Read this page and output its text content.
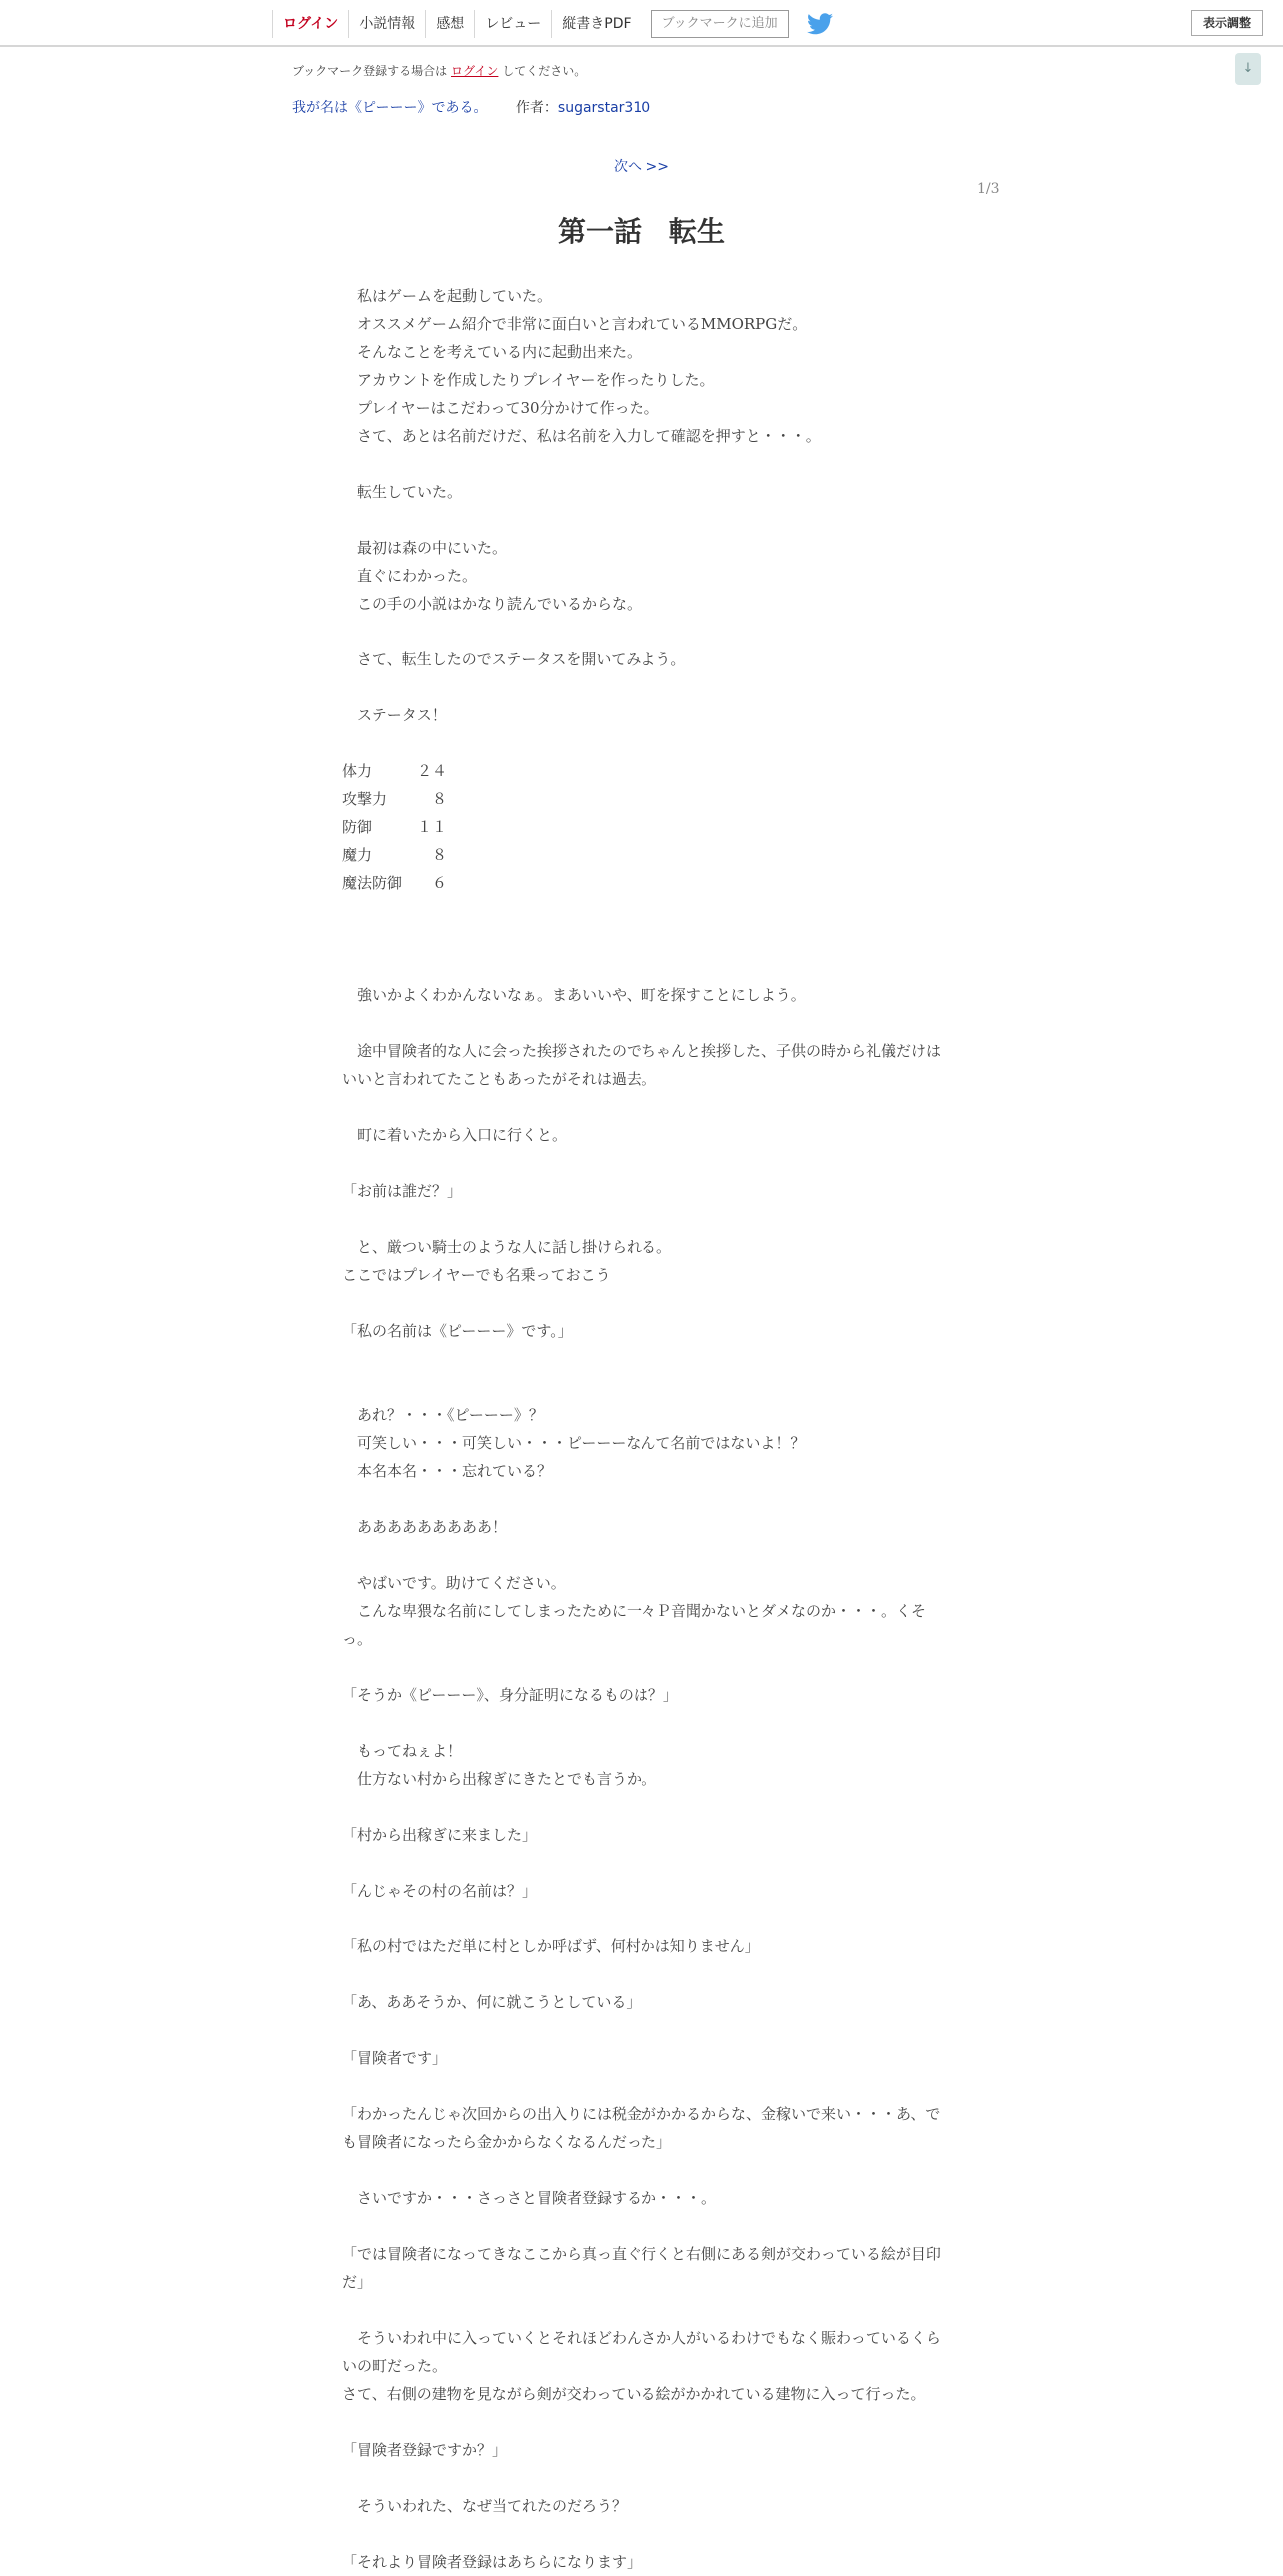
ログイン	小説情報	感想	レビュー	縦書きPDF	ブックマークに追加	表示調整
↓
ブックマーク登録する場合は ログイン してください。
我が名は《ピーーー》である。 作者：sugarstar310
次へ >>
1/3
第一話　転生
　私はゲームを起動していた。
　オススメゲーム紹介で非常に面白いと言われているMMORPGだ。
　そんなことを考えている内に起動出来た。
　アカウントを作成したりプレイヤーを作ったりした。
　プレイヤーはこだわって30分かけて作った。
　さて、あとは名前だけだ、私は名前を入力して確認を押すと・・・。
　転生していた。
　最初は森の中にいた。
　直ぐにわかった。
　この手の小説はかなり読んでいるからな。
　さて、転生したのでステータスを開いてみよう。
　ステータス！
体力　　　２４
攻撃力　　　８
防御　　　１１
魔力　　　　８
魔法防御　　６
　強いかよくわかんないなぁ。まあいいや、町を探すことにしよう。
　途中冒険者的な人に会った挨拶されたのでちゃんと挨拶した、子供の時から礼儀だけはいいと言われてたこともあったがそれは過去。
　町に着いたから入口に行くと。
「お前は誰だ？」
　と、厳つい騎士のような人に話し掛けられる。
ここではプレイヤーでも名乗っておこう
「私の名前は《ピーーー》です。」
　あれ？・・・《ピーーー》？
　可笑しい・・・可笑しい・・・ピーーーなんて名前ではないよ！？
　本名本名・・・忘れている？
　あああああああああ！
　やばいです。助けてください。
　こんな卑猥な名前にしてしまったために一々Ｐ音聞かないとダメなのか・・・。くそっ。
「そうか《ピーーー》、身分証明になるものは？」
　もってねぇよ！
　仕方ない村から出稼ぎにきたとでも言うか。
「村から出稼ぎに来ました」
「んじゃその村の名前は？」
「私の村ではただ単に村としか呼ばず、何村かは知りません」
「あ、ああそうか、何に就こうとしている」
「冒険者です」
「わかったんじゃ次回からの出入りには税金がかかるからな、金稼いで来い・・・あ、でも冒険者になったら金かからなくなるんだった」
　さいですか・・・さっさと冒険者登録するか・・・。
「では冒険者になってきなここから真っ直ぐ行くと右側にある剣が交わっている絵が目印だ」
　そういわれ中に入っていくとそれほどわんさか人がいるわけでもなく賑わっているくらいの町だった。
さて、右側の建物を見ながら剣が交わっている絵がかかれている建物に入って行った。
「冒険者登録ですか？」
　そういわれた、なぜ当てれたのだろう？
「それより冒険者登録はあちらになります」
